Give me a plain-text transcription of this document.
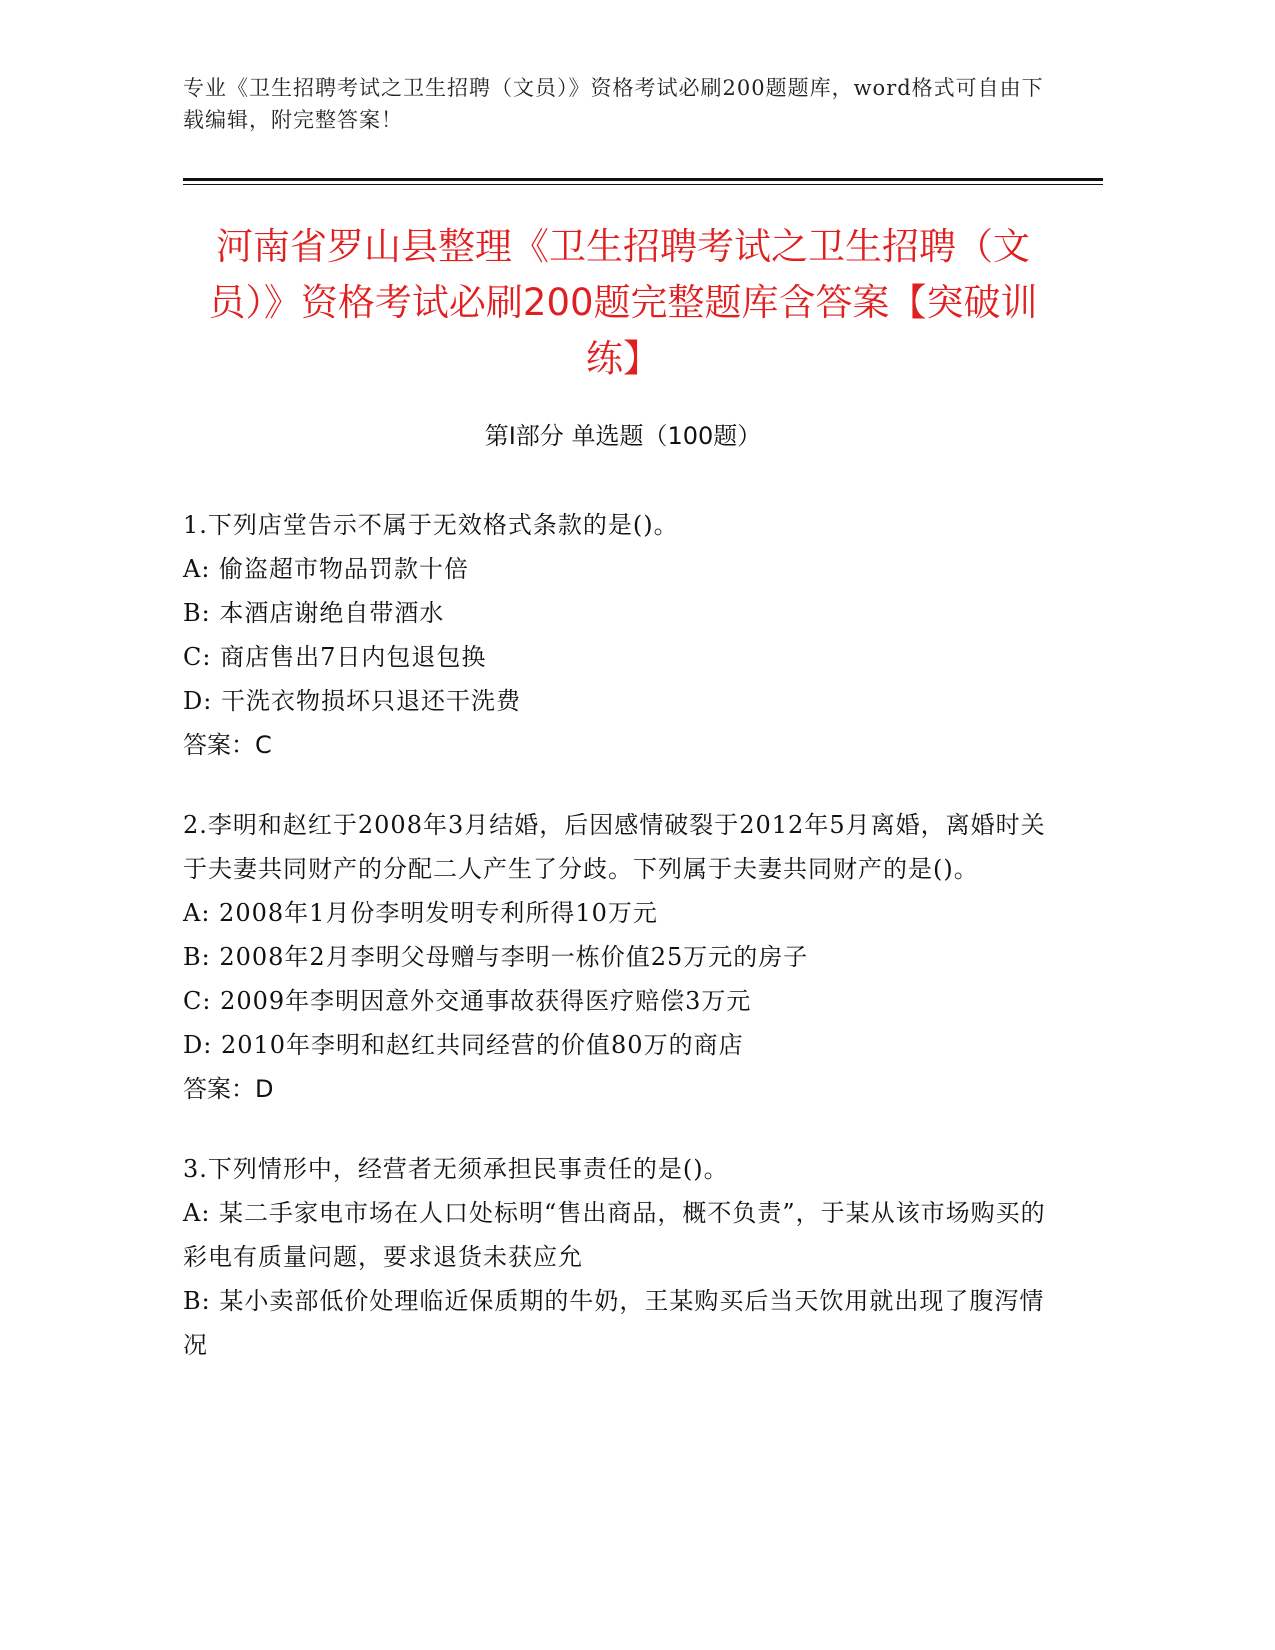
专业《卫生招聘考试之卫生招聘（文员）》资格考试必刷200题题库，word格式可自由下载编辑，附完整答案！
河南省罗山县整理《卫生招聘考试之卫生招聘（文员）》资格考试必刷200题完整题库含答案【突破训练】
第Ⅰ部分 单选题（100题）
1.下列店堂告示不属于无效格式条款的是()。
A: 偷盗超市物品罚款十倍
B: 本酒店谢绝自带酒水
C: 商店售出7日内包退包换
D: 干洗衣物损坏只退还干洗费
答案：C
2.李明和赵红于2008年3月结婚，后因感情破裂于2012年5月离婚，离婚时关于夫妻共同财产的分配二人产生了分歧。下列属于夫妻共同财产的是()。
A: 2008年1月份李明发明专利所得10万元
B: 2008年2月李明父母赠与李明一栋价值25万元的房子
C: 2009年李明因意外交通事故获得医疗赔偿3万元
D: 2010年李明和赵红共同经营的价值80万的商店
答案：D
3.下列情形中，经营者无须承担民事责任的是()。
A: 某二手家电市场在人口处标明“售出商品，概不负责”，于某从该市场购买的彩电有质量问题，要求退货未获应允
B: 某小卖部低价处理临近保质期的牛奶，王某购买后当天饮用就出现了腹泻情况
